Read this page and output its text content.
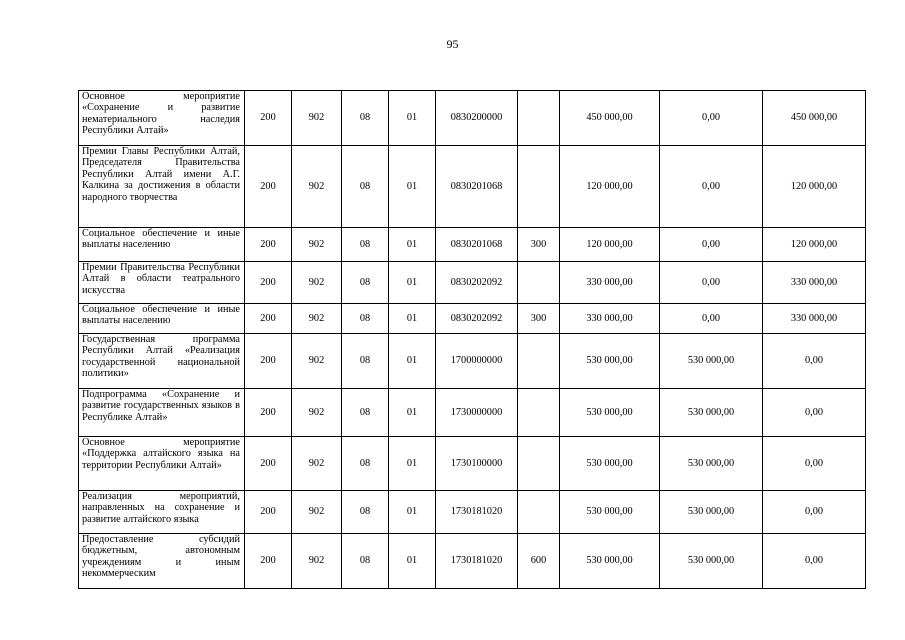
95
Основное мероприятие «Сохранение и развитие нематериального наследия Республики Алтай»	200	902	08	01	0830200000		450 000,00	0,00	450 000,00
Премии Главы Республики Алтай, Председателя Правительства Республики Алтай имени А.Г. Калкина за достижения в области народного творчества	200	902	08	01	0830201068		120 000,00	0,00	120 000,00
Социальное обеспечение и иные выплаты населению	200	902	08	01	0830201068	300	120 000,00	0,00	120 000,00
Премии Правительства Республики Алтай в области театрального искусства	200	902	08	01	0830202092		330 000,00	0,00	330 000,00
Социальное обеспечение и иные выплаты населению	200	902	08	01	0830202092	300	330 000,00	0,00	330 000,00
Государственная программа Республики Алтай «Реализация государственной национальной политики»	200	902	08	01	1700000000		530 000,00	530 000,00	0,00
Подпрограмма «Сохранение и развитие государственных языков в Республике Алтай»	200	902	08	01	1730000000		530 000,00	530 000,00	0,00
Основное мероприятие «Поддержка алтайского языка на территории Республики Алтай»	200	902	08	01	1730100000		530 000,00	530 000,00	0,00
Реализация мероприятий, направленных на сохранение и развитие алтайского языка	200	902	08	01	1730181020		530 000,00	530 000,00	0,00
Предоставление субсидий бюджетным, автономным учреждениям и иным некоммерческим	200	902	08	01	1730181020	600	530 000,00	530 000,00	0,00
